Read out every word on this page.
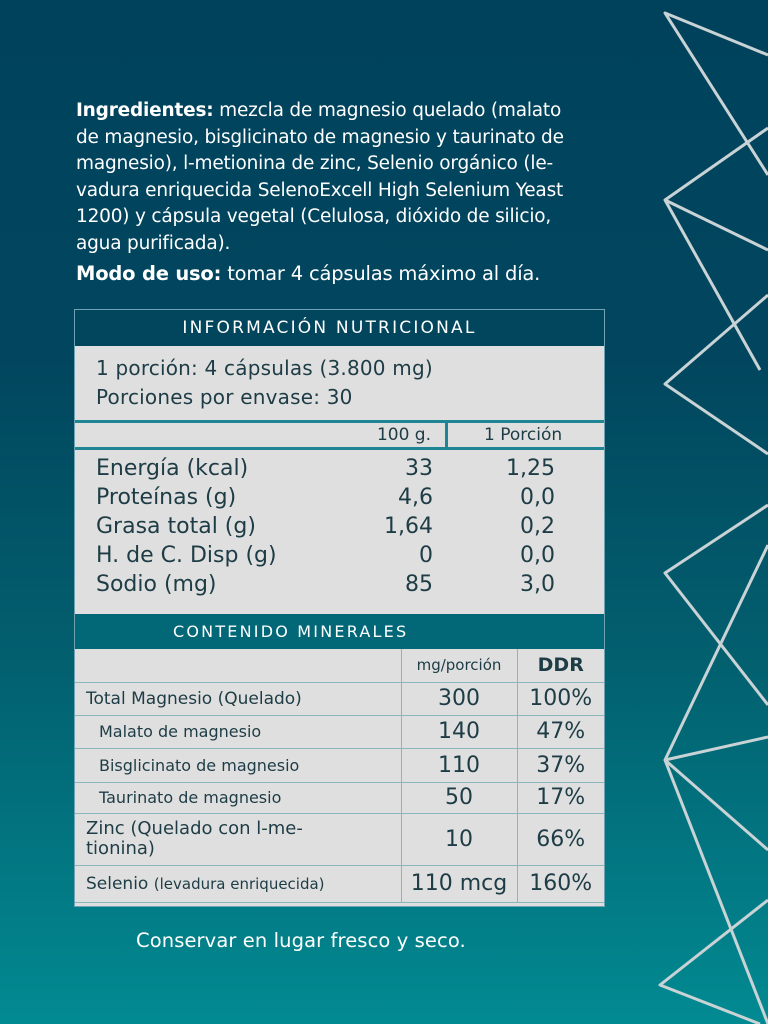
Ingredientes: mezcla de magnesio quelado (malato
de magnesio, bisglicinato de magnesio y taurinato de
magnesio), l-metionina de zinc, Selenio orgánico (le-
vadura enriquecida SelenoExcell High Selenium Yeast
1200) y cápsula vegetal (Celulosa, dióxido de silicio,
agua purificada).
Modo de uso: tomar 4 cápsulas máximo al día.
INFORMACIÓN NUTRICIONAL
1 porción: 4 cápsulas (3.800 mg)
Porciones por envase: 30
100 g.	1 Porción
Energía (kcal)	33	1,25
Proteínas (g)	4,6	0,0
Grasa total (g)	1,64	0,2
H. de C. Disp (g)	0	0,0
Sodio (mg)	85	3,0
CONTENIDO MINERALES
	mg/porción	DDR
Total Magnesio (Quelado)	300	100%
Malato de magnesio	140	47%
Bisglicinato de magnesio	110	37%
Taurinato de magnesio	50	17%
Zinc (Quelado con l-me-
tionina)	10	66%
Selenio (levadura enriquecida)	110 mcg	160%
Conservar en lugar fresco y seco.
